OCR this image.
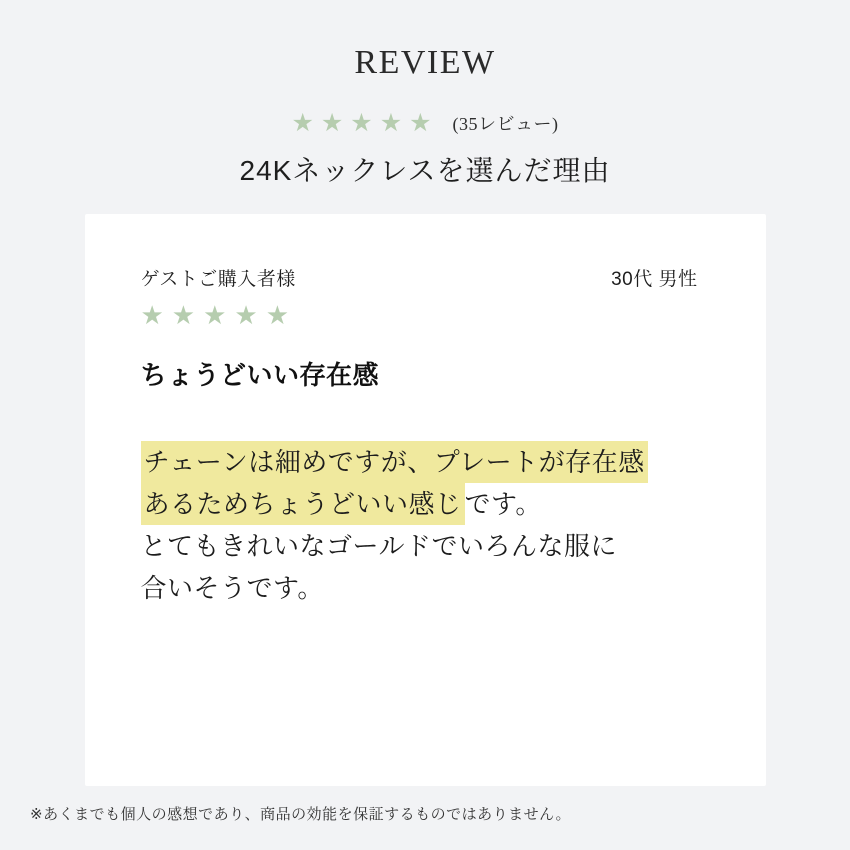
REVIEW
★★★★★ (35レビュー)
24Kネックレスを選んだ理由
ゲストご購入者様	30代 男性
★★★★★
ちょうどいい存在感
チェーンは細めですが、プレートが存在感
あるためちょうどいい感じ です。
とてもきれいなゴールドでいろんな服に
合いそうです。
※あくまでも個人の感想であり、商品の効能を保証するものではありません。
